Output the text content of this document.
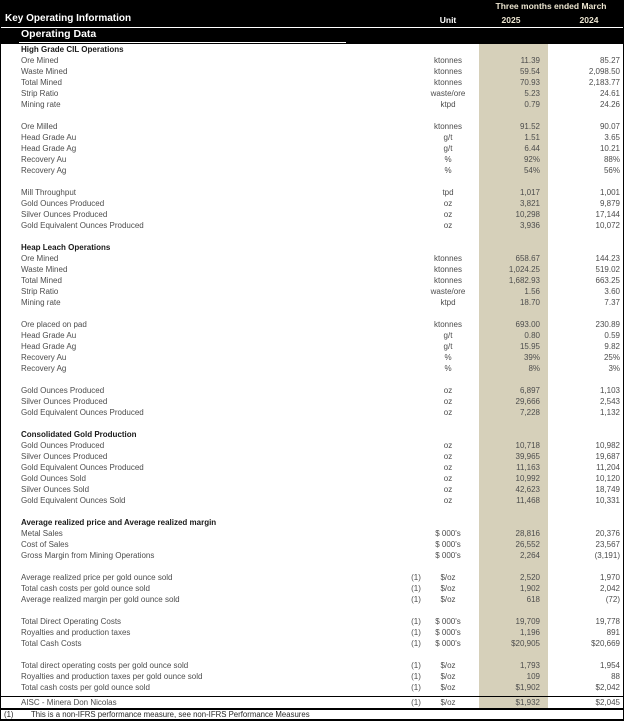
Three months ended March
Key Operating Information	Unit	2025	2024
Operating Data
High Grade CIL Operations
Ore Mined	ktonnes	11.39	85.27
Waste Mined	ktonnes	59.54	2,098.50
Total Mined	ktonnes	70.93	2,183.77
Strip Ratio	waste/ore	5.23	24.61
Mining rate	ktpd	0.79	24.26
Ore Milled	ktonnes	91.52	90.07
Head Grade Au	g/t	1.51	3.65
Head Grade Ag	g/t	6.44	10.21
Recovery Au	%	92%	88%
Recovery Ag	%	54%	56%
Mill Throughput	tpd	1,017	1,001
Gold Ounces Produced	oz	3,821	9,879
Silver Ounces Produced	oz	10,298	17,144
Gold Equivalent Ounces Produced	oz	3,936	10,072
Heap Leach Operations
Ore Mined	ktonnes	658.67	144.23
Waste Mined	ktonnes	1,024.25	519.02
Total Mined	ktonnes	1,682.93	663.25
Strip Ratio	waste/ore	1.56	3.60
Mining rate	ktpd	18.70	7.37
Ore placed on pad	ktonnes	693.00	230.89
Head Grade Au	g/t	0.80	0.59
Head Grade Ag	g/t	15.95	9.82
Recovery Au	%	39%	25%
Recovery Ag	%	8%	3%
Gold Ounces Produced	oz	6,897	1,103
Silver Ounces Produced	oz	29,666	2,543
Gold Equivalent Ounces Produced	oz	7,228	1,132
Consolidated Gold Production
Gold Ounces Produced	oz	10,718	10,982
Silver Ounces Produced	oz	39,965	19,687
Gold Equivalent Ounces Produced	oz	11,163	11,204
Gold Ounces Sold	oz	10,992	10,120
Silver Ounces Sold	oz	42,623	18,749
Gold Equivalent Ounces Sold	oz	11,468	10,331
Average realized price and Average realized margin
Metal Sales	$ 000's	28,816	20,376
Cost of Sales	$ 000's	26,552	23,567
Gross Margin from Mining Operations	$ 000's	2,264	(3,191)
Average realized price per gold ounce sold	(1)	$/oz	2,520	1,970
Total cash costs per gold ounce sold	(1)	$/oz	1,902	2,042
Average realized margin per gold ounce sold	(1)	$/oz	618	(72)
Total Direct Operating Costs	(1)	$ 000's	19,709	19,778
Royalties and production taxes	(1)	$ 000's	1,196	891
Total Cash Costs	(1)	$ 000's	$20,905	$20,669
Total direct operating costs per gold ounce sold	(1)	$/oz	1,793	1,954
Royalties and production taxes per gold ounce sold	(1)	$/oz	109	88
Total cash costs per gold ounce sold	(1)	$/oz	$1,902	$2,042
AISC - Minera Don Nicolas	(1)	$/oz	$1,932	$2,045
(1) This is a non-IFRS performance measure, see non-IFRS Performance Measures
